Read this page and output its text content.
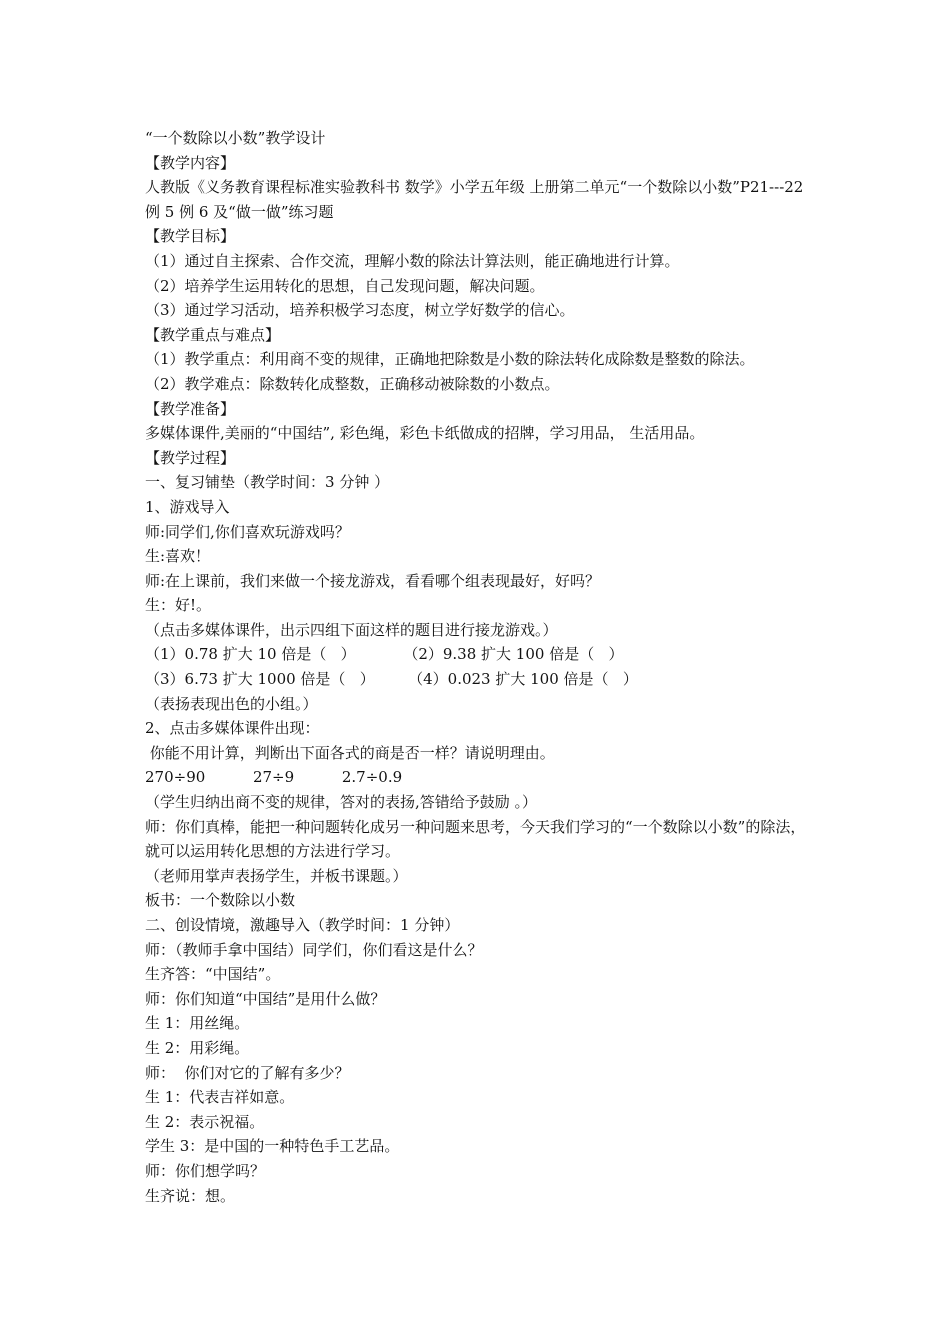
“一个数除以小数”教学设计
【教学内容】
人教版《义务教育课程标准实验教科书 数学》小学五年级 上册第二单元“一个数除以小数”P21---22 例 5 例 6 及“做一做”练习题
【教学目标】
（1）通过自主探索、合作交流，理解小数的除法计算法则，能正确地进行计算。
（2）培养学生运用转化的思想，自己发现问题，解决问题。
（3）通过学习活动，培养积极学习态度，树立学好数学的信心。
【教学重点与难点】
（1）教学重点：利用商不变的规律，正确地把除数是小数的除法转化成除数是整数的除法。
（2）教学难点：除数转化成整数，正确移动被除数的小数点。
【教学准备】
多媒体课件,美丽的“中国结”, 彩色绳，彩色卡纸做成的招牌，学习用品， 生活用品。
【教学过程】
一、复习铺垫（教学时间：3 分钟 ）
1、游戏导入
师:同学们,你们喜欢玩游戏吗？
生:喜欢！
师:在上课前，我们来做一个接龙游戏，看看哪个组表现最好，好吗？
生：好!。
（点击多媒体课件，出示四组下面这样的题目进行接龙游戏。）
（1）0.78 扩大 10 倍是（   ）          （2）9.38 扩大 100 倍是（   ）
（3）6.73 扩大 1000 倍是（   ）       （4）0.023 扩大 100 倍是（   ）
（表扬表现出色的小组。）
2、点击多媒体课件出现：
你能不用计算，判断出下面各式的商是否一样？请说明理由。
270÷90          27÷9          2.7÷0.9
（学生归纳出商不变的规律，答对的表扬,答错给予鼓励 。）
师：你们真棒，能把一种问题转化成另一种问题来思考，今天我们学习的“一个数除以小数”的除法，就可以运用转化思想的方法进行学习。
（老师用掌声表扬学生，并板书课题。）
板书：一个数除以小数
二、创设情境，激趣导入（教学时间：1 分钟）
师：（教师手拿中国结）同学们，你们看这是什么？
生齐答：“中国结”。
师：你们知道“中国结”是用什么做？
生 1：用丝绳。
生 2：用彩绳。
师：  你们对它的了解有多少？
生 1：代表吉祥如意。
生 2：表示祝福。
学生 3：是中国的一种特色手工艺品。
师：你们想学吗？
生齐说：想。
